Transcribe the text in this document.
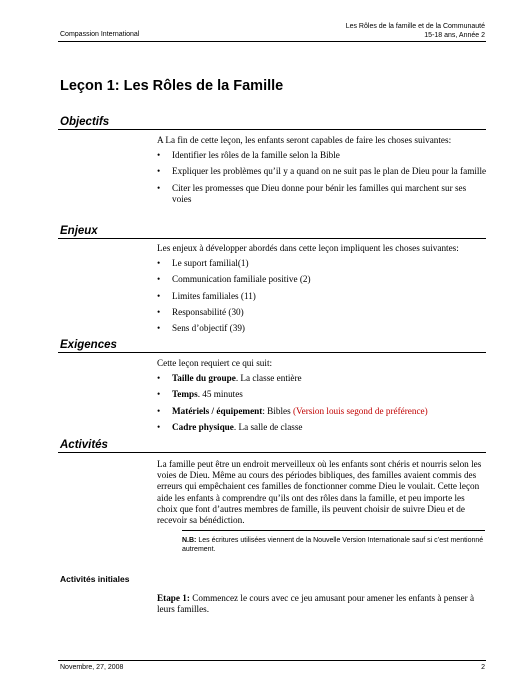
Compassion International
Les Rôles de la famille et de la Communauté
15-18 ans, Année 2
Leçon 1: Les Rôles de la Famille
Objectifs

A La fin de cette leçon, les enfants seront capables de faire les choses suivantes:

• Identifier les rôles de la famille selon la Bible
• Expliquer les problèmes qu’il y a quand on ne suit pas le plan de Dieu pour la famille
• Citer les promesses que Dieu donne pour bénir les familles qui marchent sur ses voies
Enjeux

Les enjeux à développer abordés dans cette leçon impliquent les choses suivantes:

• Le suport familial(1)
• Communication familiale positive (2)
• Limites familiales (11)
• Responsabilité (30)
• Sens d’objectif (39)
Exigences

Cette leçon requiert ce qui suit:

• Taille du groupe. La classe entière
• Temps. 45 minutes
• Matériels / équipement: Bibles (Version louis segond de préférence)
• Cadre physique. La salle de classe
Activités

La famille peut être un endroit merveilleux où les enfants sont chéris et nourris selon les voies de Dieu. Même au cours des périodes bibliques, des familles avaient commis des erreurs qui empêchaient ces familles de fonctionner comme Dieu le voulait. Cette leçon aide les enfants à comprendre qu’ils ont des rôles dans la famille, et peu importe les choix que font d’autres membres de famille, ils peuvent choisir de suivre Dieu et de recevoir sa bénédiction.

N.B: Les écritures utilisées viennent de la Nouvelle Version Internationale sauf si c’est mentionné autrement.
Activités initiales
Etape 1: Commencez le cours avec ce jeu amusant pour amener les enfants à penser à leurs familles.
Novembre, 27, 2008	2
